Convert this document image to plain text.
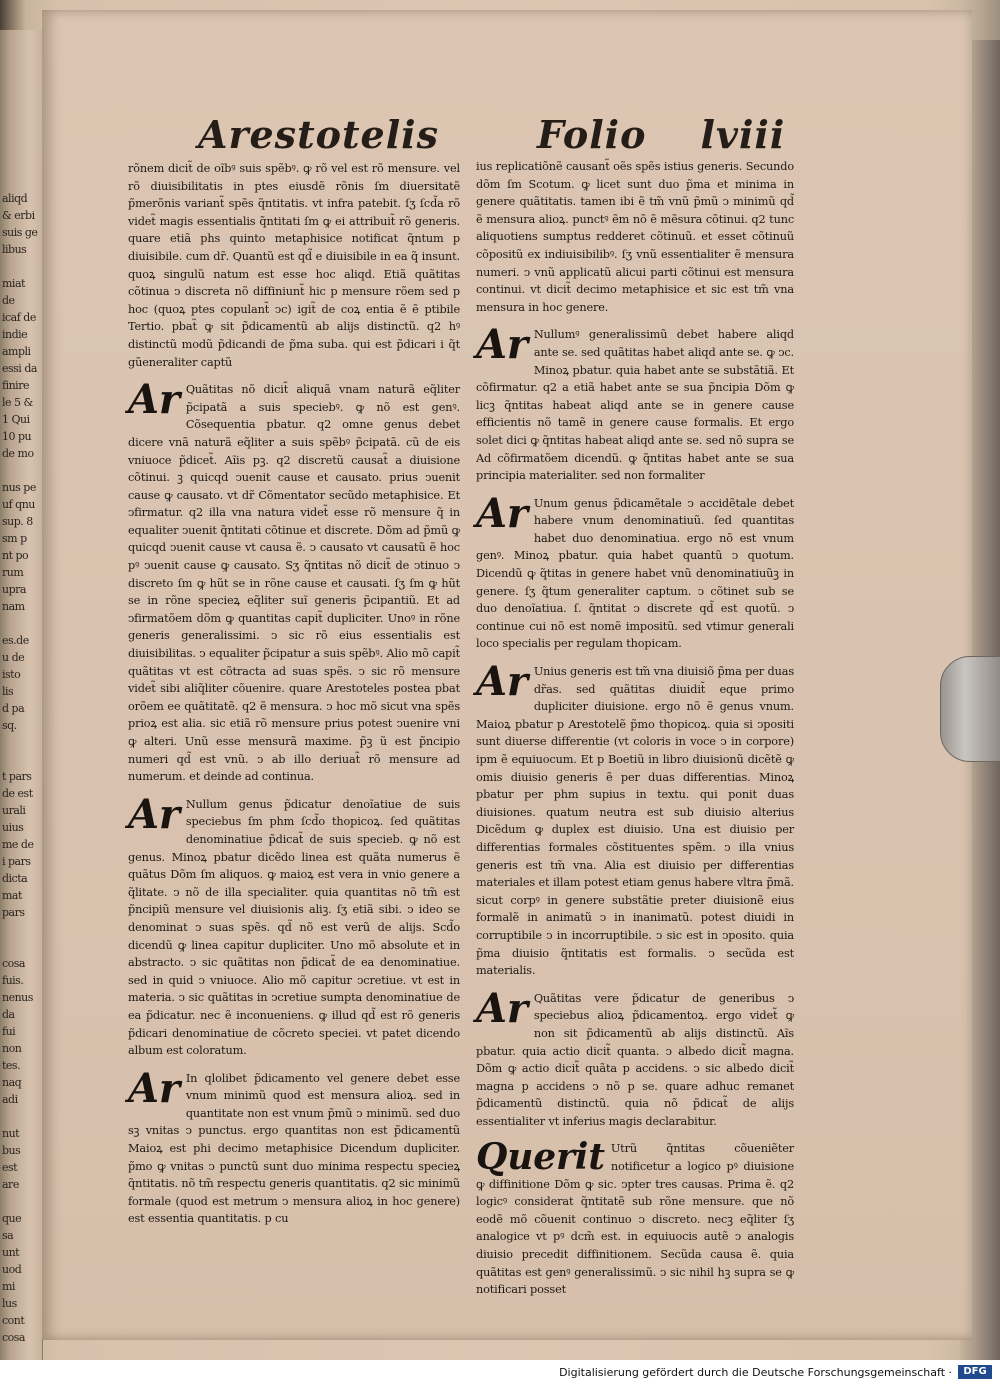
aliqd
& erbi
suis ge
libus

miat de
icaf de
indie
ampli
essi da
finire
le 5 &
1 Qui
10 pu
de mo

nus pe
uf qnu
sup. 8
sm p
nt po
rum
upra
nam

es.de
u de
isto
lis
d pa
sq.

t pars
de est
urali
uius
me de
i pars
dicta
mat
pars

cosa
fuis.
nenus
da
fui
non
tes.
naq
adi

nut
bus
est
are

que
sa
unt
uod
mi
lus
cont
cosa
Arestotelis	Folio lviii

rõnem dicit̃ de oĩbꝰ suis spẽbꝰ. ꝙ rõ vel est rõ mensure. vel rõ diuisibilitatis in ptes eiusdẽ rõnis ſm diuersitatẽ p̃merõnis variant̃ spẽs q̃ntitatis. vt infra patebit. ſʒ ſcd̃a rõ videt̃ magis essentialis q̃ntitati ſm ꝙ ei attribuit̃ rõ generis. quare etiã phs quinto metaphisice notificat q̃ntum p diuisibile. cum dr̃. Quantũ est qd̃ e diuisibile in ea q̃ insunt. quoꝝ singulũ natum est esse hoc aliqd. Etiã quãtitas cõtinua ↄ discreta nõ diffiniunt̃ hic p mensure rõem sed p hoc (quoꝝ ptes copulant̃ ↄc) igit̃ de coꝝ entia ẽ ẽ ptibile Tertio. pbat̃ ꝙ sit p̃dicamentũ ab alijs distinctũ. q2 hꝰ distinctũ modũ p̃dicandi de p̃ma suba. qui est p̃dicari i q̃t gũeneraliter captũ

Ar Quãtitas nõ dicit̃ aliquã vnam naturã eq̃liter p̃cipatã a suis speciebꝰ. ꝙ nõ est genꝰ. Cõsequentia pbatur. q2 omne genus debet dicere vnã naturã eq̃liter a suis spẽbꝰ p̃cipatã. cũ de eis vniuoce p̃dicet̃. Aĩis pꝫ. q2 discretũ causat̃ a diuisione cõtinui. ꝫ quicqd ↄuenit cause et causato. prius ↄuenit cause ꝙ causato. vt dr̃ Cõmentator secũdo metaphisice. Et ↄfirmatur. q2 illa vna natura videt̃ esse rõ mensure q̃ in equaliter ↄuenit q̃ntitati cõtinue et discrete. Dõm ad p̃mũ ꝙ quicqd ↄuenit cause vt causa ẽ. ↄ causato vt causatũ ẽ hoc pꝰ ↄuenit cause ꝙ causato. Sʒ q̃ntitas nõ dicit̃ de ↄtinuo ↄ discreto ſm ꝙ hũt se in rõne cause et causati. ſʒ ſm ꝙ hũt se in rõne specieꝝ eq̃liter suĩ generis p̃cipantiũ. Et ad ↄfirmatõem dõm ꝙ quantitas capit̃ dupliciter. Unoꝰ in rõne generis generalissimi. ↄ sic rõ eius essentialis est diuisibilitas. ↄ equaliter p̃cipatur a suis spẽbꝰ. Alio mõ capit̃ quãtitas vt est cõtracta ad suas spẽs. ↄ sic rõ mensure videt̃ sibi aliq̃liter cõuenire. quare Arestoteles postea pbat orõem ee quãtitatẽ. q2 ẽ mensura. ↄ hoc mõ sicut vna spẽs prioꝝ est alia. sic etiã rõ mensure prius potest ↄuenire vni ꝙ alteri. Unũ esse mensurã maxime. p̃ꝫ ũ est p̃ncipio numeri qd̃ est vnũ. ↄ ab illo deriuat̃ rõ mensure ad numerum. et deinde ad continua.

Ar Nullum genus p̃dicatur denoĩatiue de suis speciebus ſm phm ſcd̃o thopicoꝝ. ſed quãtitas denominatiue p̃dicat̃ de suis specieb. ꝙ nõ est genus. Minoꝝ pbatur dicẽdo linea est quãta numerus ẽ quãtus Dõm ſm aliquos. ꝙ maioꝝ est vera in vnio genere a q̃litate. ↄ nõ de illa specialiter. quia quantitas nõ tm̃ est p̃ncipiũ mensure vel diuisionis aliꝫ. ſʒ etiã sibi. ↄ ideo se denominat ↄ suas spẽs. qd̃ nõ est verũ de alijs. Scd̃o dicendũ ꝙ linea capitur dupliciter. Uno mõ absolute et in abstracto. ↄ sic quãtitas non p̃dicat̃ de ea denominatiue. sed in quid ↄ vniuoce. Alio mõ capitur ↄcretiue. vt est in materia. ↄ sic quãtitas in ↄcretiue sumpta denominatiue de ea p̃dicatur. nec ẽ inconueniens. ꝙ illud qd̃ est rõ generis p̃dicari denominatiue de cõcreto speciei. vt patet dicendo album est coloratum.

Ar In qlolibet p̃dicamento vel genere debet esse vnum minimũ quod est mensura alioꝝ. sed in quantitate non est vnum p̃mũ ↄ minimũ. sed duo sꝫ vnitas ↄ punctus. ergo quantitas non est p̃dicamentũ Maioꝝ est phi decimo metaphisice Dicendum dupliciter. p̃mo ꝙ vnitas ↄ punctũ sunt duo minima respectu specieꝝ q̃ntitatis. nõ tm̃ respectu generis quantitatis. q2 sic minimũ formale (quod est metrum ↄ mensura alioꝝ in hoc genere) est essentia quantitatis. p cu

ius replicatiõnẽ causant̃ oẽs spẽs istius generis. Secundo dõm ſm Scotum. ꝙ licet sunt duo p̃ma et minima in genere quãtitatis. tamen ibi ẽ tm̃ vnũ p̃mũ ↄ minimũ qd̃ ẽ mensura alioꝝ. punctꝰ ẽm nõ ẽ mẽsura cõtinui. q2 tunc aliquotiens sumptus redderet cõtinuũ. et esset cõtinuũ cõpositũ ex indiuisibilibꝰ. ſʒ vnũ essentialiter ẽ mensura numeri. ↄ vnũ applicatũ alicui parti cõtinui est mensura continui. vt dicit̃ decimo metaphisice et sic est tm̃ vna mensura in hoc genere.

Ar Nullumꝰ generalissimũ debet habere aliqd ante se. sed quãtitas habet aliqd ante se. ꝙ ↄc. Minoꝝ pbatur. quia habet ante se substãtiã. Et cõfirmatur. q2 a etiã habet ante se sua p̃ncipia Dõm ꝙ licꝫ q̃ntitas habeat aliqd ante se in genere cause efficientis nõ tamẽ in genere cause formalis. Et ergo solet dici ꝙ q̃ntitas habeat aliqd ante se. sed nõ supra se Ad cõfirmatõem dicendũ. ꝙ q̃ntitas habet ante se sua principia materialiter. sed non formaliter

Ar Unum genus p̃dicamẽtale ↄ accidẽtale debet habere vnum denominatiuũ. ſed quantitas habet duo denominatiua. ergo nõ est vnum genꝰ. Minoꝝ pbatur. quia habet quantũ ↄ quotum. Dicendũ ꝙ q̃titas in genere habet vnũ denominatiuũꝫ in genere. ſʒ q̃tum generaliter captum. ↄ cõtinet sub se duo denoĩatiua. ſ. q̃ntitat ↄ discrete qd̃ est quotũ. ↄ continue cui nõ est nomẽ impositũ. sed vtimur generali loco specialis per regulam thopicam.

Ar Unius generis est tm̃ vna diuisiõ p̃ma per duas dr̃as. sed quãtitas diuidit̃ eque primo dupliciter diuisione. ergo nõ ẽ genus vnum. Maioꝝ pbatur p Arestotelẽ p̃mo thopicoꝝ. quia si ↄpositi sunt diuerse differentie (vt coloris in voce ↄ in corpore) ipm ẽ equiuocum. Et p Boetiũ in libro diuisionũ dicẽtẽ ꝙ omis diuisio generis ẽ per duas differentias. Minoꝝ pbatur per phm supius in textu. qui ponit duas diuisiones. quatum neutra est sub diuisio alterius Dicẽdum ꝙ duplex est diuisio. Una est diuisio per differentias formales cõstituentes spẽm. ↄ illa vnius generis est tm̃ vna. Alia est diuisio per differentias materiales et illam potest etiam genus habere vltra p̃mã. sicut corpꝰ in genere substãtie preter diuisionẽ eius formalẽ in animatũ ↄ in inanimatũ. potest diuidi in corruptibile ↄ in incorruptibile. ↄ sic est in ↄposito. quia p̃ma diuisio q̃ntitatis est formalis. ↄ secũda est materialis.

Ar Quãtitas vere p̃dicatur de generibus ↄ speciebus alioꝝ p̃dicamentoꝝ. ergo videt̃ ꝙ non sit p̃dicamentũ ab alijs distinctũ. Aĩs pbatur. quia actio dicit̃ quanta. ↄ albedo dicit̃ magna. Dõm ꝙ actio dicit̃ quãta p accidens. ↄ sic albedo dicit̃ magna p accidens ↄ nõ p se. quare adhuc remanet p̃dicamentũ distinctũ. quia nõ p̃dicat̃ de alijs essentialiter vt inferius magis declarabitur.

Querit Utrũ q̃ntitas cõueniẽter notificetur a logico pꝰ diuisione ꝙ diffinitione Dõm ꝙ sic. ↄpter tres causas. Prima ẽ. q2 logicꝰ considerat q̃ntitatẽ sub rõne mensure. que nõ eodẽ mõ cõuenit continuo ↄ discreto. necꝫ eq̃liter ſʒ analogice vt pꝰ dcm̃ est. in equiuocis autẽ ↄ analogis diuisio precedit diffinitionem. Secũda causa ẽ. quia quãtitas est genꝰ generalissimũ. ↄ sic nihil hꝫ supra se ꝙ notificari posset

Digitalisierung gefördert durch die Deutsche Forschungsgemeinschaft ·	DFG
